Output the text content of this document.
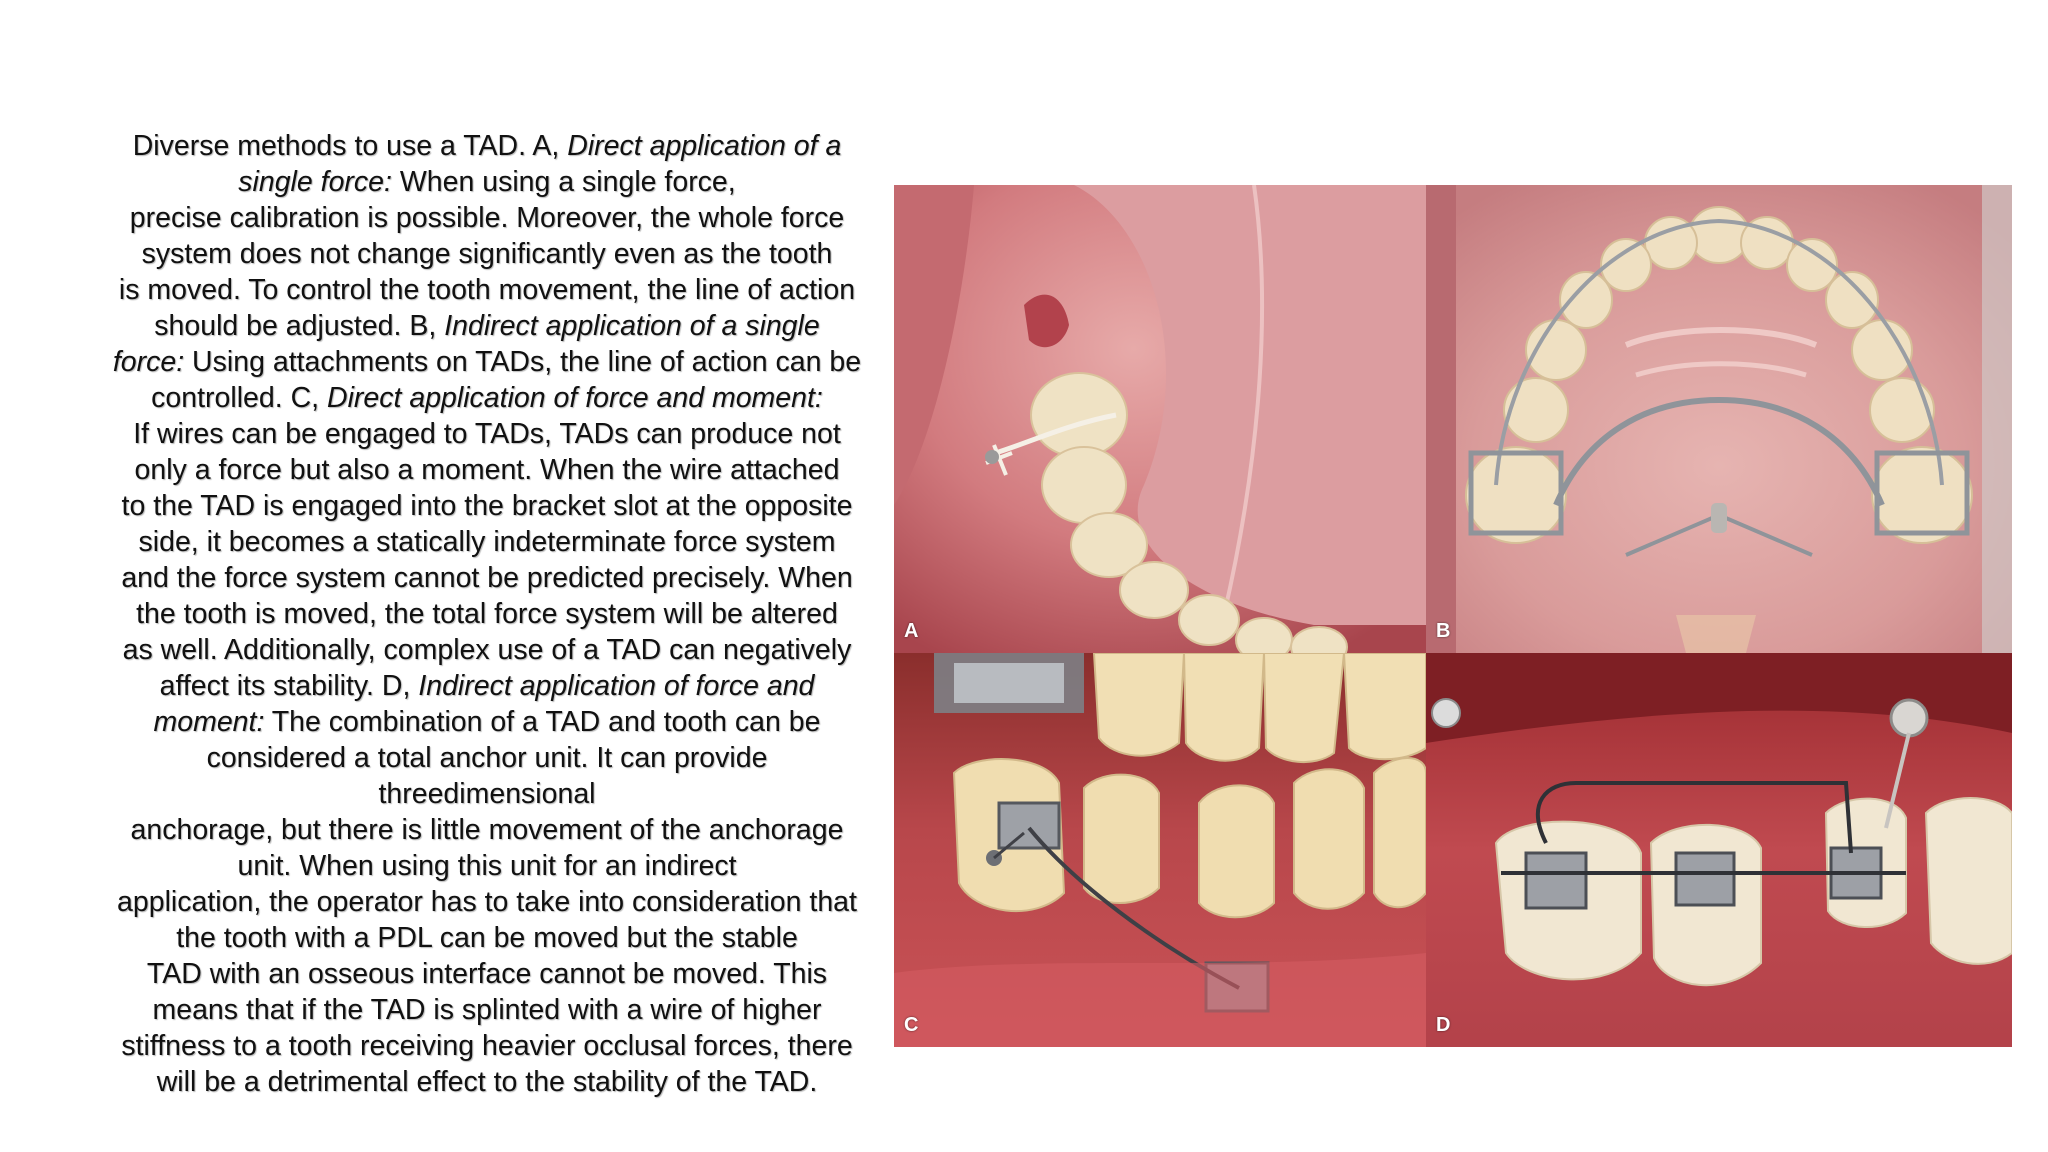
Diverse methods to use a TAD. A, Direct application of a
single force: When using a single force,
precise calibration is possible. Moreover, the whole force
system does not change significantly even as the tooth
is moved. To control the tooth movement, the line of action
should be adjusted. B, Indirect application of a single
force: Using attachments on TADs, the line of action can be
controlled. C, Direct application of force and moment:
If wires can be engaged to TADs, TADs can produce not
only a force but also a moment. When the wire attached
to the TAD is engaged into the bracket slot at the opposite
side, it becomes a statically indeterminate force system
and the force system cannot be predicted precisely. When
the tooth is moved, the total force system will be altered
as well. Additionally, complex use of a TAD can negatively
affect its stability. D, Indirect application of force and
moment: The combination of a TAD and tooth can be
considered a total anchor unit. It can provide
threedimensional
anchorage, but there is little movement of the anchorage
unit. When using this unit for an indirect
application, the operator has to take into consideration that
the tooth with a PDL can be moved but the stable
TAD with an osseous interface cannot be moved. This
means that if the TAD is splinted with a wire of higher
stiffness to a tooth receiving heavier occlusal forces, there
will be a detrimental effect to the stability of the TAD.
A	B
C	D
